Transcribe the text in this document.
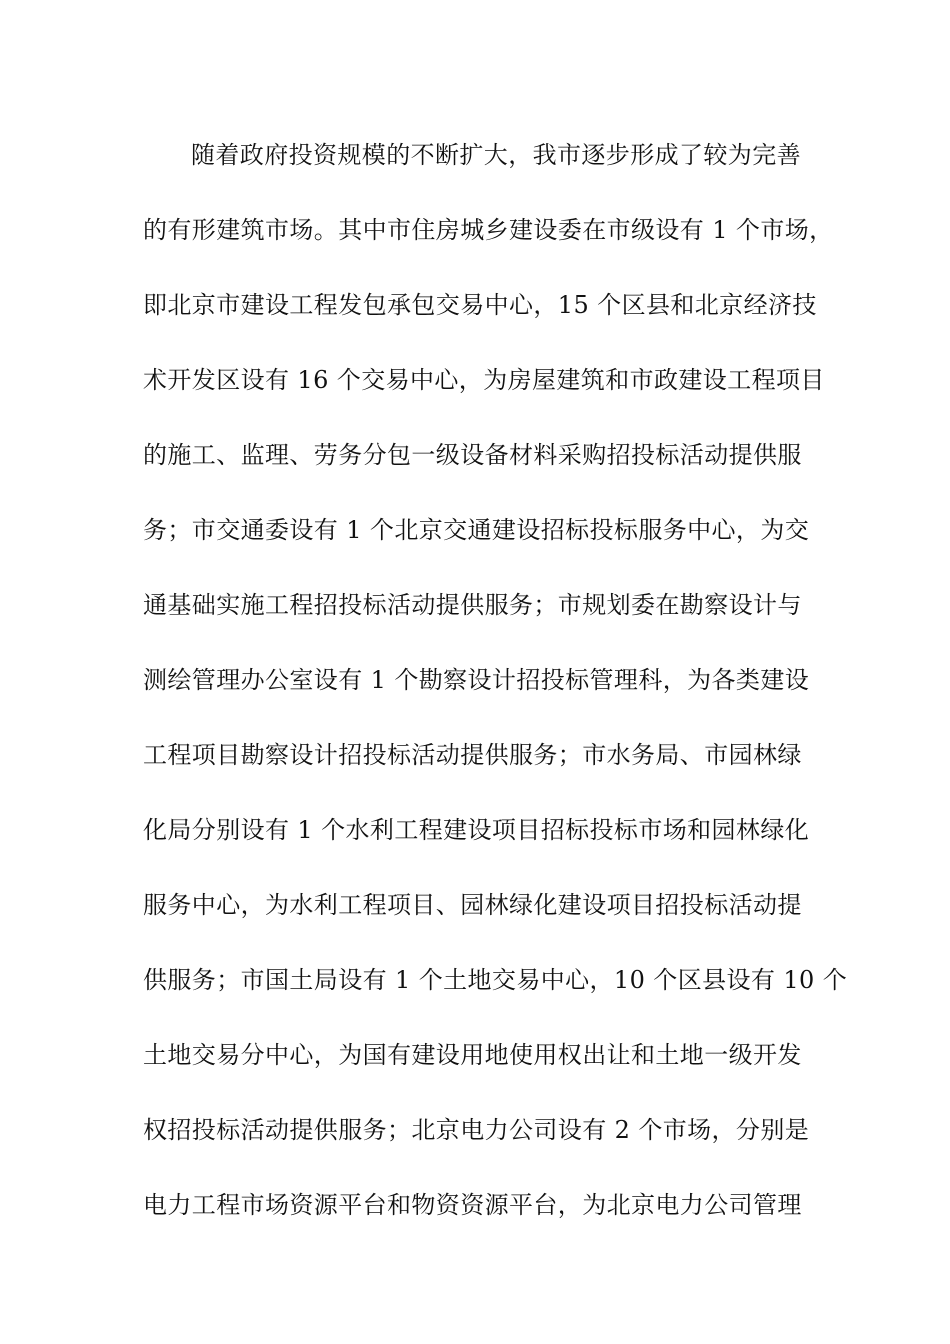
随着政府投资规模的不断扩大，我市逐步形成了较为完善
的有形建筑市场。其中市住房城乡建设委在市级设有 1 个市场，
即北京市建设工程发包承包交易中心，15 个区县和北京经济技
术开发区设有 16 个交易中心，为房屋建筑和市政建设工程项目
的施工、监理、劳务分包一级设备材料采购招投标活动提供服
务；市交通委设有 1 个北京交通建设招标投标服务中心，为交
通基础实施工程招投标活动提供服务；市规划委在勘察设计与
测绘管理办公室设有 1 个勘察设计招投标管理科，为各类建设
工程项目勘察设计招投标活动提供服务；市水务局、市园林绿
化局分别设有 1 个水利工程建设项目招标投标市场和园林绿化
服务中心，为水利工程项目、园林绿化建设项目招投标活动提
供服务；市国土局设有 1 个土地交易中心，10 个区县设有 10 个
土地交易分中心，为国有建设用地使用权出让和土地一级开发
权招投标活动提供服务；北京电力公司设有 2 个市场，分别是
电力工程市场资源平台和物资资源平台，为北京电力公司管理
